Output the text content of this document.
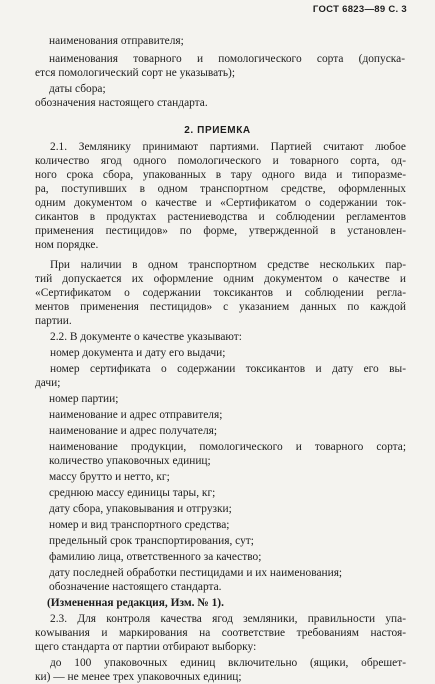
ГОСТ 6823—89 С. 3
наименования отправителя;
наименования товарного и помологического сорта (допуска-
ется помологический сорт не указывать);
даты сбора;
обозначения настоящего стандарта.
2. ПРИЕМКА
2.1. Землянику принимают партиями. Партией считают любое
количество ягод одного помологического и товарного сорта, од-
ного срока сбора, упакованных в тару одного вида и типоразме-
ра, поступивших в одном транспортном средстве, оформленных
одним документом о качестве и «Сертификатом о содержании ток-
сикантов в продуктах растениеводства и соблюдении регламентов
применения пестицидов» по форме, утвержденной в установлен-
ном порядке.
При наличии в одном транспортном средстве нескольких пар-
тий допускается их оформление одним документом о качестве и
«Сертификатом о содержании токсикантов и соблюдении регла-
ментов применения пестицидов» с указанием данных по каждой
партии.
2.2. В документе о качестве указывают:
номер документа и дату его выдачи;
номер сертификата о содержании токсикантов и дату его вы-
дачи;
номер партии;
наименование и адрес отправителя;
наименование и адрес получателя;
наименование продукции, помологического и товарного сорта;
количество упаковочных единиц;
массу брутто и нетто, кг;
среднюю массу единицы тары, кг;
дату сбора, упаковывания и отгрузки;
номер и вид транспортного средства;
предельный срок транспортирования, сут;
фамилию лица, ответственного за качество;
дату последней обработки пестицидами и их наименования;
обозначение настоящего стандарта.
(Измененная редакция, Изм. № 1).
2.3. Для контроля качества ягод земляники, правильности упа-
кowывания и маркирования на соответствие требованиям настоя-
щего стандарта от партии отбирают выборку:
до 100 упаковочных единиц включительно (ящики, обрешет-
ки) — не менее трех упаковочных единиц;
